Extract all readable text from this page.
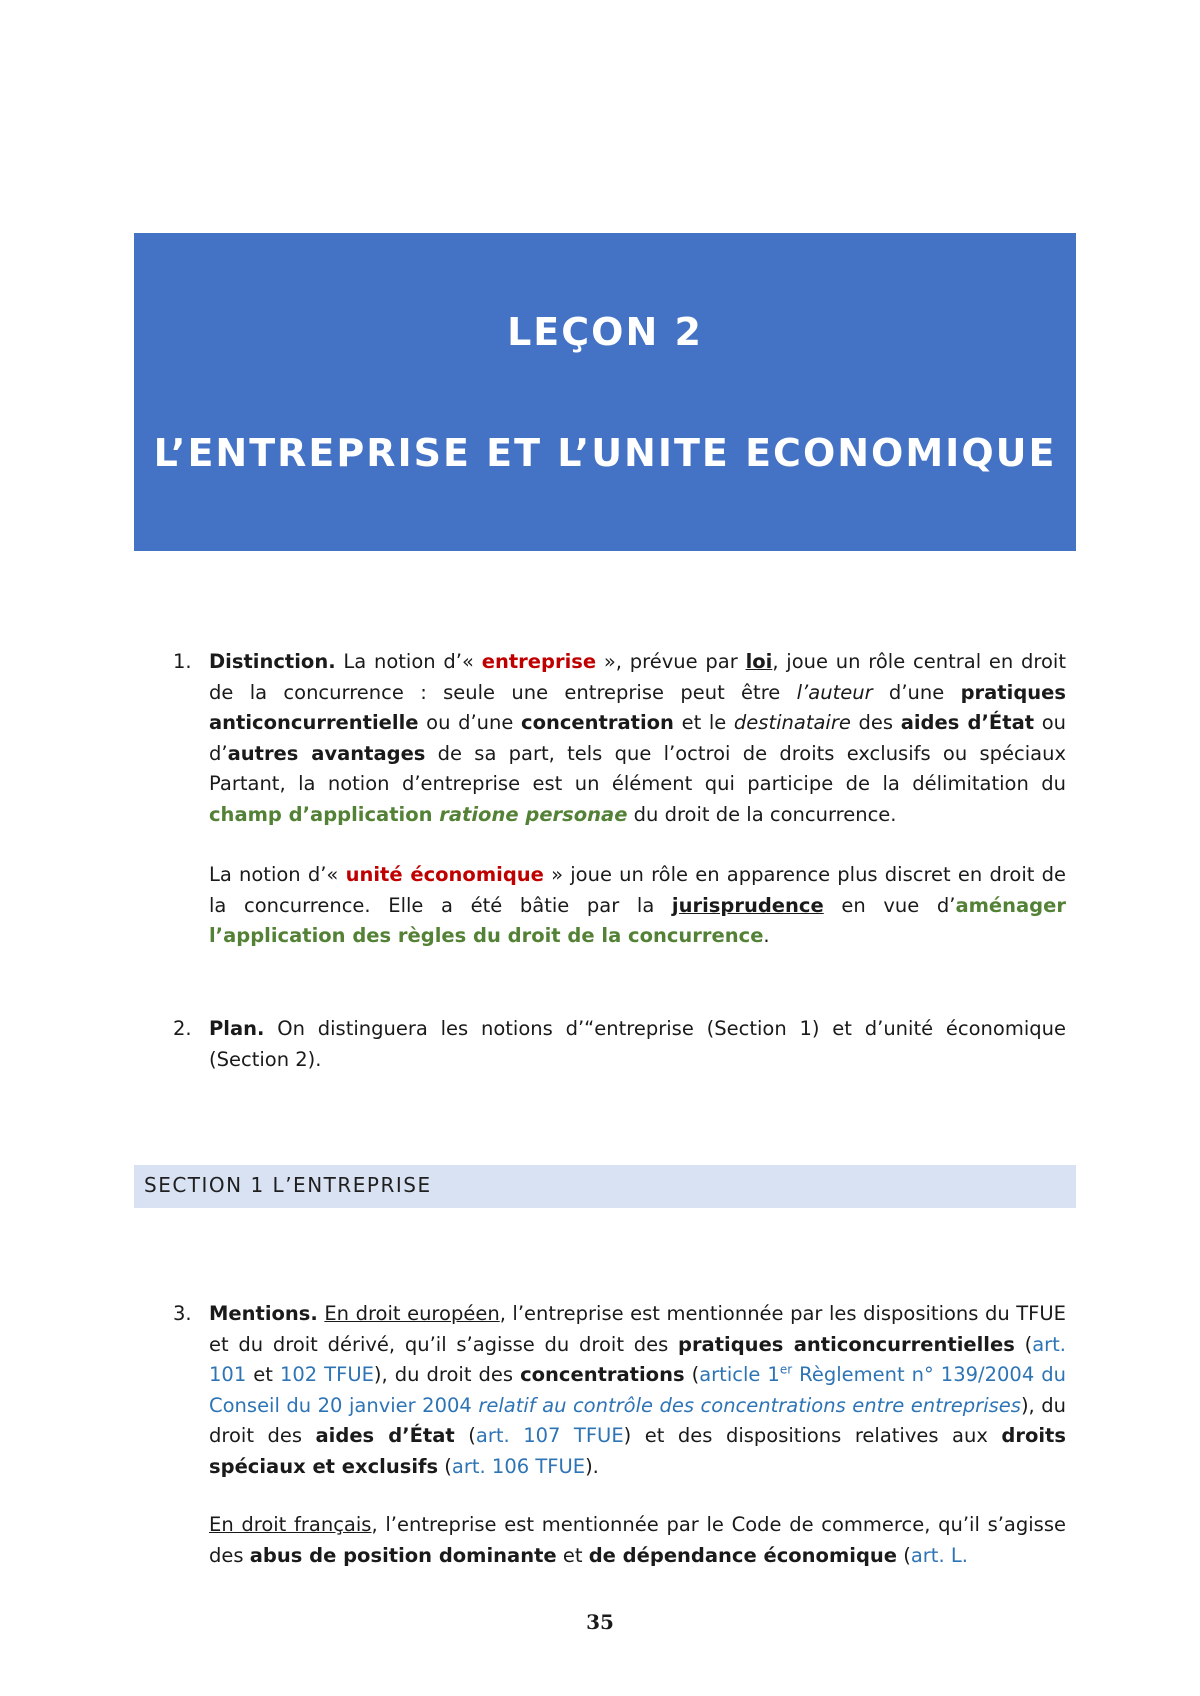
LEÇON 2
L’ENTREPRISE ET L’UNITE ECONOMIQUE
1. Distinction. La notion d’« entreprise », prévue par loi, joue un rôle central en droit de la concurrence : seule une entreprise peut être l’auteur d’une pratiques anticoncurrentielle ou d’une concentration et le destinataire des aides d’État ou d’autres avantages de sa part, tels que l’octroi de droits exclusifs ou spéciaux Partant, la notion d’entreprise est un élément qui participe de la délimitation du champ d’application ratione personae du droit de la concurrence.
La notion d’« unité économique » joue un rôle en apparence plus discret en droit de la concurrence. Elle a été bâtie par la jurisprudence en vue d’aménager l’application des règles du droit de la concurrence.
2. Plan. On distinguera les notions d’“entreprise (Section 1) et d’unité économique (Section 2).
SECTION 1 L’ENTREPRISE
3. Mentions. En droit européen, l’entreprise est mentionnée par les dispositions du TFUE et du droit dérivé, qu’il s’agisse du droit des pratiques anticoncurrentielles (art. 101 et 102 TFUE), du droit des concentrations (article 1er Règlement n° 139/2004 du Conseil du 20 janvier 2004 relatif au contrôle des concentrations entre entreprises), du droit des aides d’État (art. 107 TFUE) et des dispositions relatives aux droits spéciaux et exclusifs (art. 106 TFUE).
En droit français, l’entreprise est mentionnée par le Code de commerce, qu’il s’agisse des abus de position dominante et de dépendance économique (art. L.
35
